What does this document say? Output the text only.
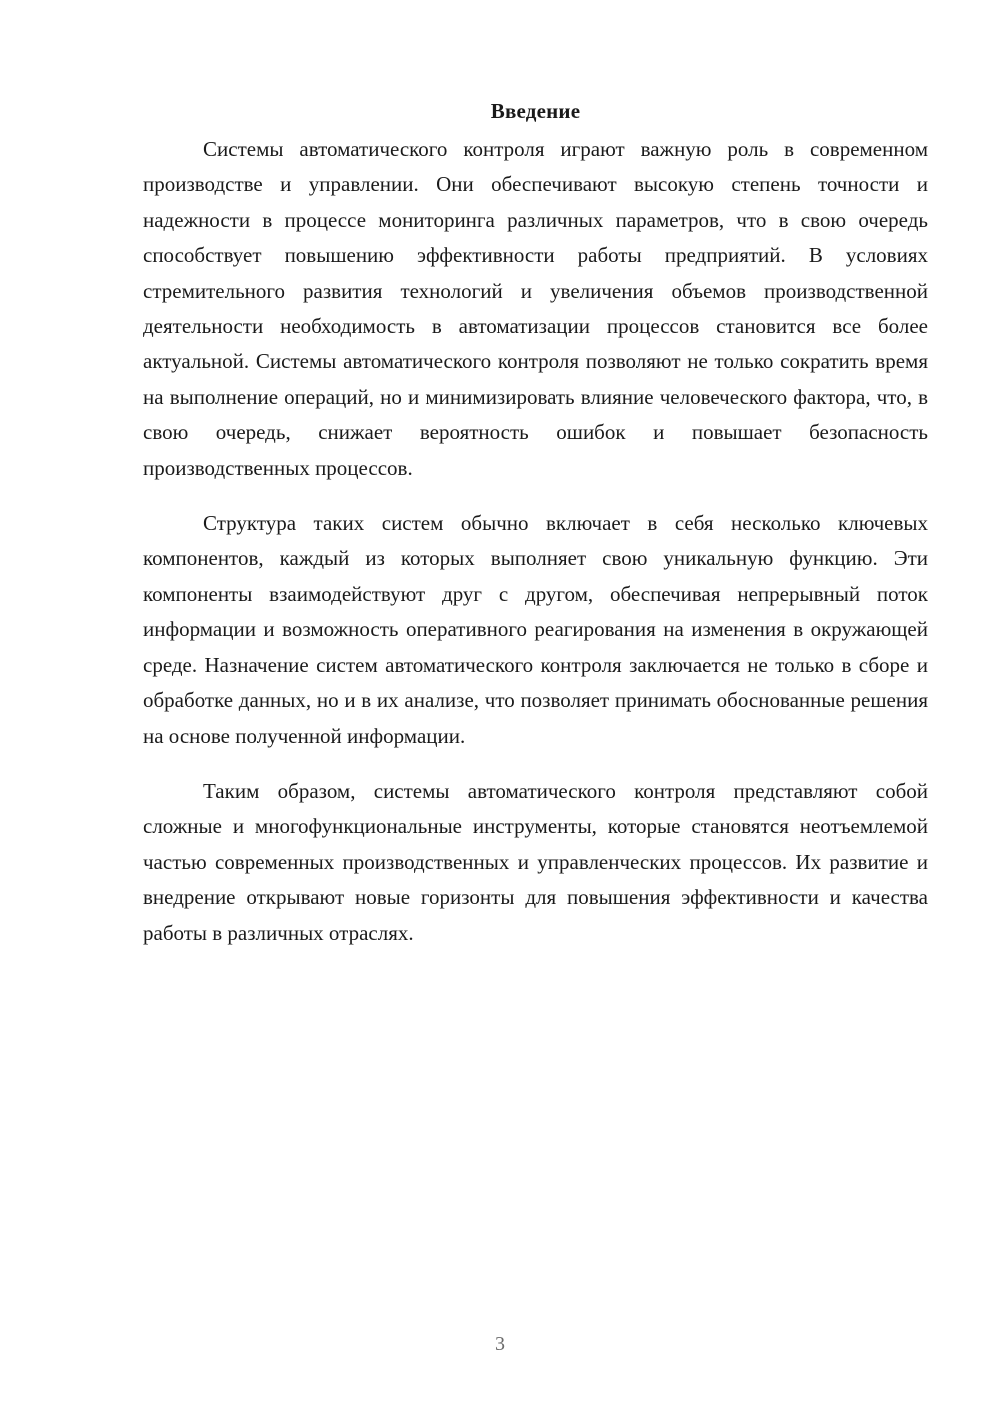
Введение

Системы автоматического контроля играют важную роль в современном производстве и управлении. Они обеспечивают высокую степень точности и надежности в процессе мониторинга различных параметров, что в свою очередь способствует повышению эффективности работы предприятий. В условиях стремительного развития технологий и увеличения объемов производственной деятельности необходимость в автоматизации процессов становится все более актуальной. Системы автоматического контроля позволяют не только сократить время на выполнение операций, но и минимизировать влияние человеческого фактора, что, в свою очередь, снижает вероятность ошибок и повышает безопасность производственных процессов.

Структура таких систем обычно включает в себя несколько ключевых компонентов, каждый из которых выполняет свою уникальную функцию. Эти компоненты взаимодействуют друг с другом, обеспечивая непрерывный поток информации и возможность оперативного реагирования на изменения в окружающей среде. Назначение систем автоматического контроля заключается не только в сборе и обработке данных, но и в их анализе, что позволяет принимать обоснованные решения на основе полученной информации.

Таким образом, системы автоматического контроля представляют собой сложные и многофункциональные инструменты, которые становятся неотъемлемой частью современных производственных и управленческих процессов. Их развитие и внедрение открывают новые горизонты для повышения эффективности и качества работы в различных отраслях.

3
